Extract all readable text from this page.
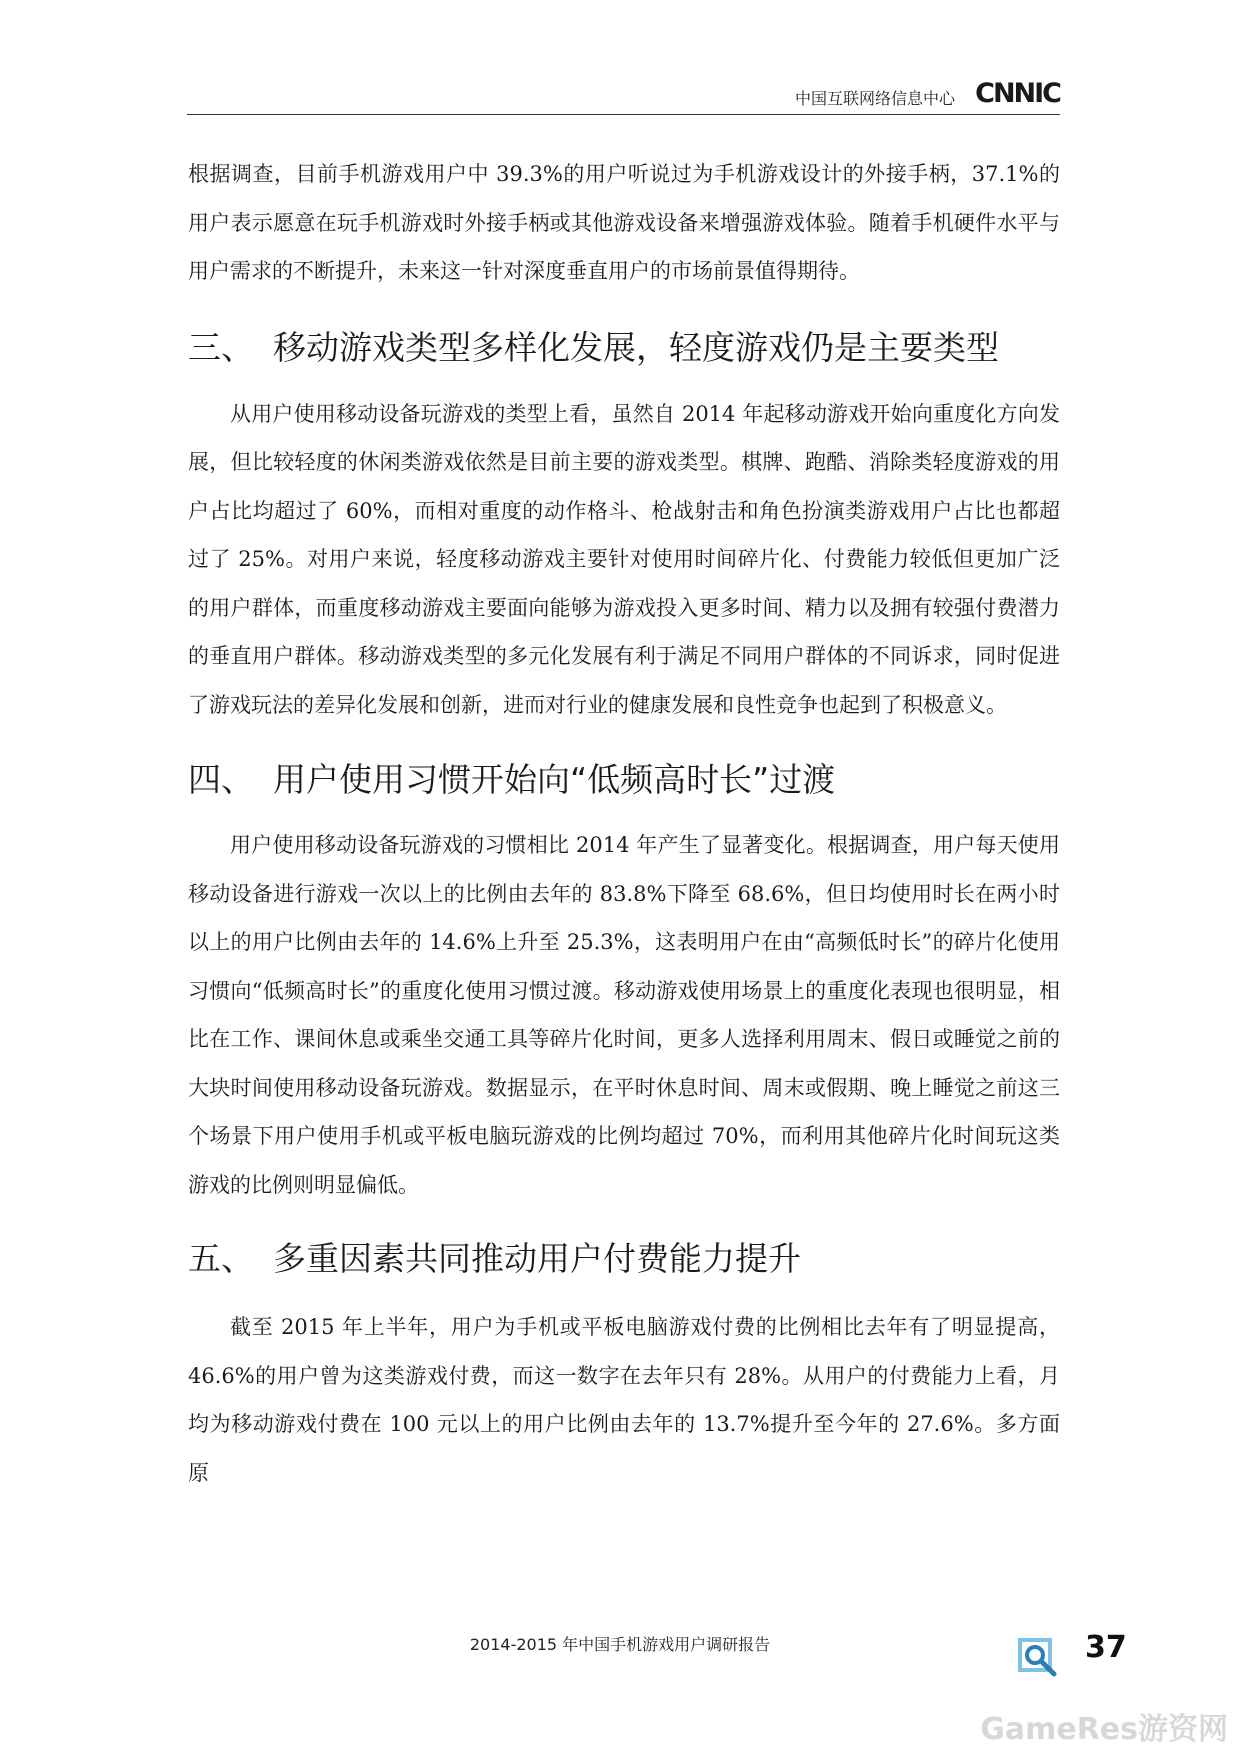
中国互联网络信息中心 CNNIC

根据调查，目前手机游戏用户中 39.3%的用户听说过为手机游戏设计的外接手柄，37.1%的用户表示愿意在玩手机游戏时外接手柄或其他游戏设备来增强游戏体验。随着手机硬件水平与用户需求的不断提升，未来这一针对深度垂直用户的市场前景值得期待。

三、 移动游戏类型多样化发展，轻度游戏仍是主要类型

从用户使用移动设备玩游戏的类型上看，虽然自 2014 年起移动游戏开始向重度化方向发展，但比较轻度的休闲类游戏依然是目前主要的游戏类型。棋牌、跑酷、消除类轻度游戏的用户占比均超过了 60%，而相对重度的动作格斗、枪战射击和角色扮演类游戏用户占比也都超过了 25%。对用户来说，轻度移动游戏主要针对使用时间碎片化、付费能力较低但更加广泛的用户群体，而重度移动游戏主要面向能够为游戏投入更多时间、精力以及拥有较强付费潜力的垂直用户群体。移动游戏类型的多元化发展有利于满足不同用户群体的不同诉求，同时促进了游戏玩法的差异化发展和创新，进而对行业的健康发展和良性竞争也起到了积极意义。

四、 用户使用习惯开始向“低频高时长”过渡

用户使用移动设备玩游戏的习惯相比 2014 年产生了显著变化。根据调查，用户每天使用移动设备进行游戏一次以上的比例由去年的 83.8%下降至 68.6%，但日均使用时长在两小时以上的用户比例由去年的 14.6%上升至 25.3%，这表明用户在由“高频低时长”的碎片化使用习惯向“低频高时长”的重度化使用习惯过渡。移动游戏使用场景上的重度化表现也很明显，相比在工作、课间休息或乘坐交通工具等碎片化时间，更多人选择利用周末、假日或睡觉之前的大块时间使用移动设备玩游戏。数据显示，在平时休息时间、周末或假期、晚上睡觉之前这三个场景下用户使用手机或平板电脑玩游戏的比例均超过 70%，而利用其他碎片化时间玩这类游戏的比例则明显偏低。

五、 多重因素共同推动用户付费能力提升

截至 2015 年上半年，用户为手机或平板电脑游戏付费的比例相比去年有了明显提高，46.6%的用户曾为这类游戏付费，而这一数字在去年只有 28%。从用户的付费能力上看，月均为移动游戏付费在 100 元以上的用户比例由去年的 13.7%提升至今年的 27.6%。多方面原

2014-2015 年中国手机游戏用户调研报告	37
GameRes游资网
